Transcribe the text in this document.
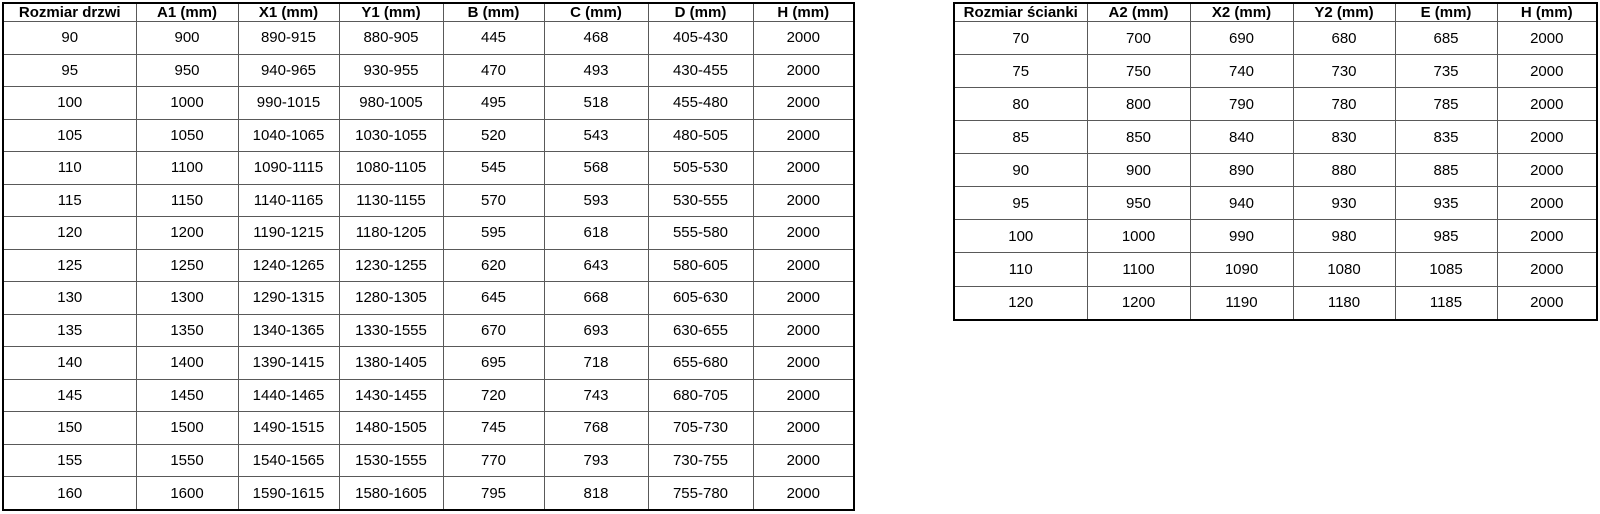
Rozmiar drzwi	A1 (mm)	X1 (mm)	Y1 (mm)	B (mm)	C (mm)	D (mm)	H (mm)
90	900	890-915	880-905	445	468	405-430	2000
95	950	940-965	930-955	470	493	430-455	2000
100	1000	990-1015	980-1005	495	518	455-480	2000
105	1050	1040-1065	1030-1055	520	543	480-505	2000
110	1100	1090-1115	1080-1105	545	568	505-530	2000
115	1150	1140-1165	1130-1155	570	593	530-555	2000
120	1200	1190-1215	1180-1205	595	618	555-580	2000
125	1250	1240-1265	1230-1255	620	643	580-605	2000
130	1300	1290-1315	1280-1305	645	668	605-630	2000
135	1350	1340-1365	1330-1555	670	693	630-655	2000
140	1400	1390-1415	1380-1405	695	718	655-680	2000
145	1450	1440-1465	1430-1455	720	743	680-705	2000
150	1500	1490-1515	1480-1505	745	768	705-730	2000
155	1550	1540-1565	1530-1555	770	793	730-755	2000
160	1600	1590-1615	1580-1605	795	818	755-780	2000
Rozmiar ścianki	A2 (mm)	X2 (mm)	Y2 (mm)	E (mm)	H (mm)
70	700	690	680	685	2000
75	750	740	730	735	2000
80	800	790	780	785	2000
85	850	840	830	835	2000
90	900	890	880	885	2000
95	950	940	930	935	2000
100	1000	990	980	985	2000
110	1100	1090	1080	1085	2000
120	1200	1190	1180	1185	2000
